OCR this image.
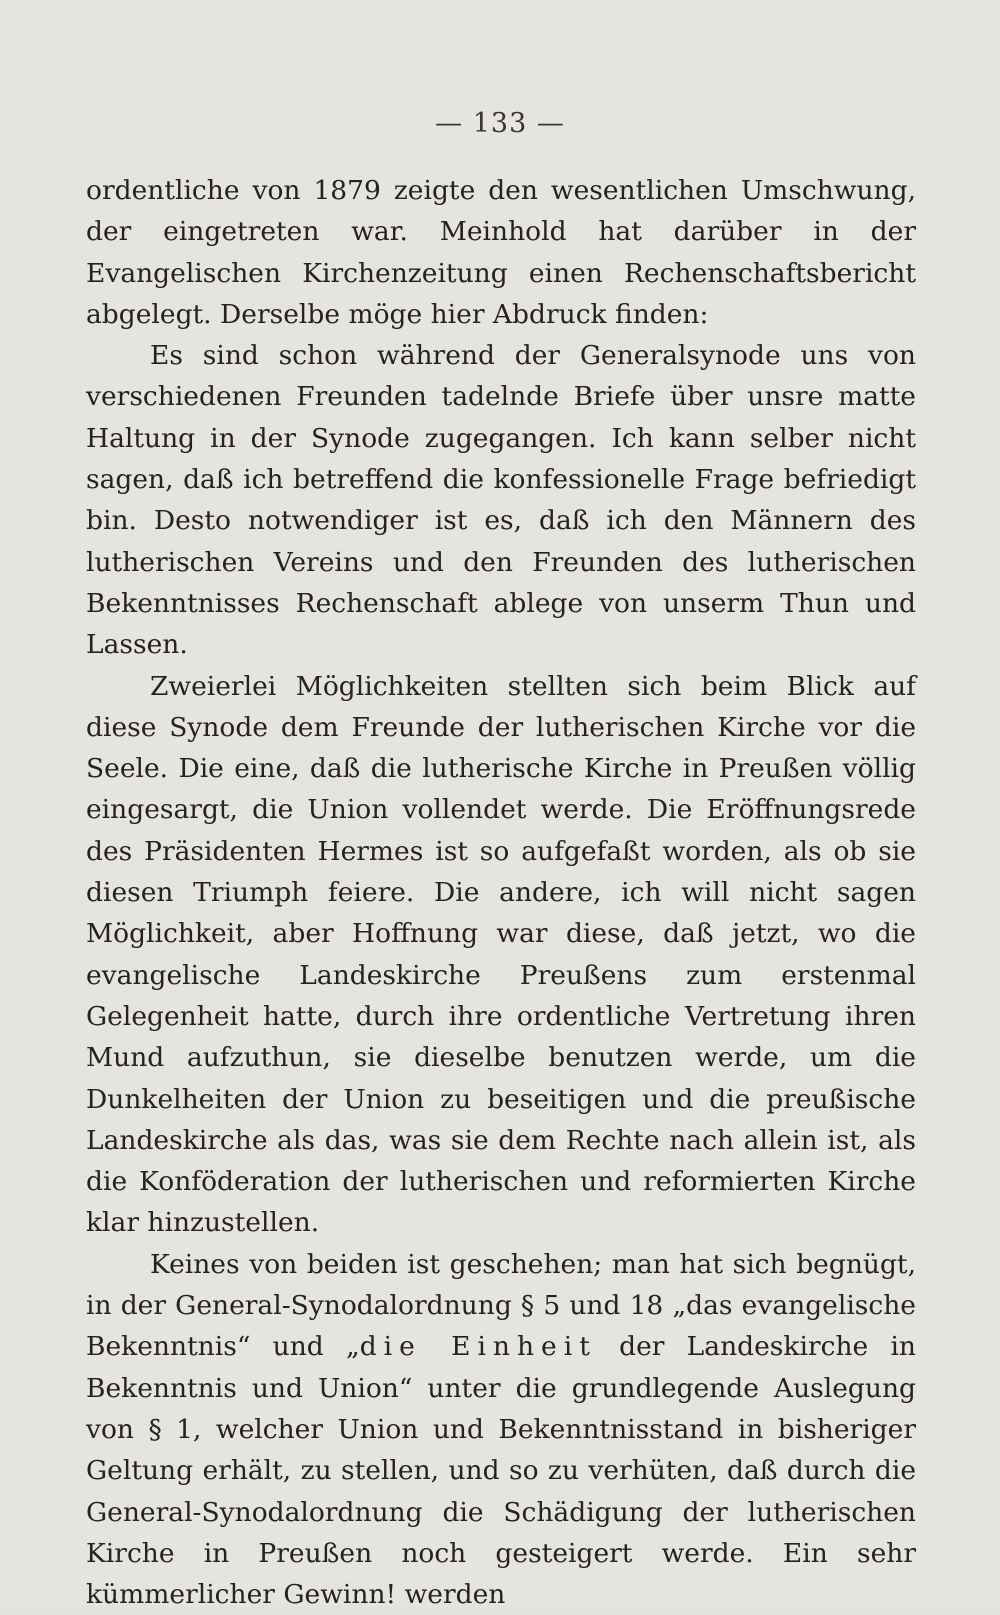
— 133 —

ordentliche von 1879 zeigte den wesentlichen Umschwung, der eingetreten war. Meinhold hat darüber in der Evangelischen Kirchenzeitung einen Rechenschaftsbericht abgelegt. Derselbe möge hier Abdruck finden:

Es sind schon während der Generalsynode uns von verschiedenen Freunden tadelnde Briefe über unsre matte Haltung in der Synode zugegangen. Ich kann selber nicht sagen, daß ich betreffend die konfessionelle Frage befriedigt bin. Desto notwendiger ist es, daß ich den Männern des lutherischen Vereins und den Freunden des lutherischen Bekenntnisses Rechenschaft ablege von unserm Thun und Lassen.

Zweierlei Möglichkeiten stellten sich beim Blick auf diese Synode dem Freunde der lutherischen Kirche vor die Seele. Die eine, daß die lutherische Kirche in Preußen völlig eingesargt, die Union vollendet werde. Die Eröffnungsrede des Präsidenten Hermes ist so aufgefaßt worden, als ob sie diesen Triumph feiere. Die andere, ich will nicht sagen Möglichkeit, aber Hoffnung war diese, daß jetzt, wo die evangelische Landeskirche Preußens zum erstenmal Gelegenheit hatte, durch ihre ordentliche Vertretung ihren Mund aufzuthun, sie dieselbe benutzen werde, um die Dunkelheiten der Union zu beseitigen und die preußische Landeskirche als das, was sie dem Rechte nach allein ist, als die Konföderation der lutherischen und reformierten Kirche klar hinzustellen.

Keines von beiden ist geschehen; man hat sich begnügt, in der General-Synodalordnung § 5 und 18 „das evangelische Bekenntnis“ und „die Einheit der Landeskirche in Bekenntnis und Union“ unter die grundlegende Auslegung von § 1, welcher Union und Bekenntnisstand in bisheriger Geltung erhält, zu stellen, und so zu verhüten, daß durch die General-Synodalordnung die Schädigung der lutherischen Kirche in Preußen noch gesteigert werde. Ein sehr kümmerlicher Gewinn! werden
